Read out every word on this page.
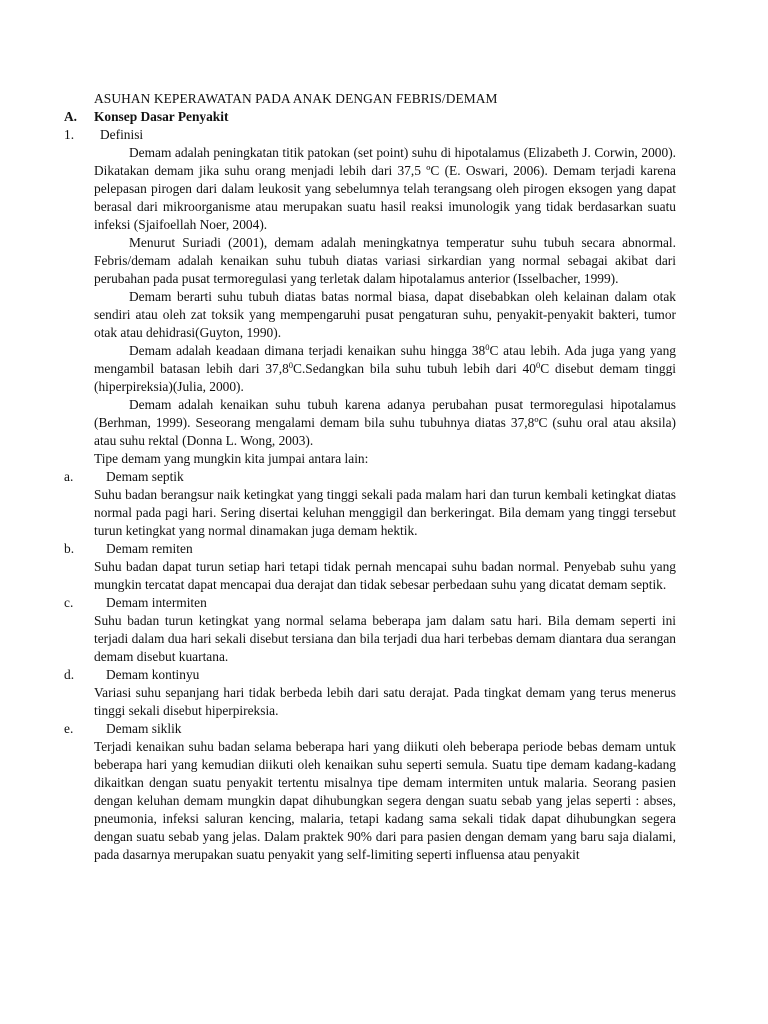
ASUHAN KEPERAWATAN PADA ANAK DENGAN FEBRIS/DEMAM
A.	Konsep Dasar Penyakit
1.	Definisi

Demam adalah peningkatan titik patokan (set point) suhu di hipotalamus (Elizabeth J. Corwin, 2000). Dikatakan demam jika suhu orang menjadi lebih dari 37,5 ºC (E. Oswari, 2006). Demam terjadi karena pelepasan pirogen dari dalam leukosit yang sebelumnya telah terangsang oleh pirogen eksogen yang dapat berasal dari mikroorganisme atau merupakan suatu hasil reaksi imunologik yang tidak berdasarkan suatu infeksi (Sjaifoellah Noer, 2004).

Menurut Suriadi (2001), demam adalah meningkatnya temperatur suhu tubuh secara abnormal. Febris/demam adalah kenaikan suhu tubuh diatas variasi sirkardian yang normal sebagai akibat dari perubahan pada pusat termoregulasi yang terletak dalam hipotalamus anterior (Isselbacher, 1999).

Demam berarti suhu tubuh diatas batas normal biasa, dapat disebabkan oleh kelainan dalam otak sendiri atau oleh zat toksik yang mempengaruhi pusat pengaturan suhu, penyakit-penyakit bakteri, tumor otak atau dehidrasi(Guyton, 1990).

Demam adalah keadaan dimana terjadi kenaikan suhu hingga $38^0C$ atau lebih. Ada juga yang yang mengambil batasan lebih dari 37,8$^0$C.Sedangkan bila suhu tubuh lebih dari $40^0C$ disebut demam tinggi (hiperpireksia)(Julia, 2000).

Demam adalah kenaikan suhu tubuh karena adanya perubahan pusat termoregulasi hipotalamus (Berhman, 1999). Seseorang mengalami demam bila suhu tubuhnya diatas 37,8ºC (suhu oral atau aksila) atau suhu rektal (Donna L. Wong, 2003).

Tipe demam yang mungkin kita jumpai antara lain:
a.	Demam septik

Suhu badan berangsur naik ketingkat yang tinggi sekali pada malam hari dan turun kembali ketingkat diatas normal pada pagi hari. Sering disertai keluhan menggigil dan berkeringat. Bila demam yang tinggi tersebut turun ketingkat yang normal dinamakan juga demam hektik.

b.	Demam remiten

Suhu badan dapat turun setiap hari tetapi tidak pernah mencapai suhu badan normal. Penyebab suhu yang mungkin tercatat dapat mencapai dua derajat dan tidak sebesar perbedaan suhu yang dicatat demam septik.

c.	Demam intermiten

Suhu badan turun ketingkat yang normal selama beberapa jam dalam satu hari. Bila demam seperti ini terjadi dalam dua hari sekali disebut tersiana dan bila terjadi dua hari terbebas demam diantara dua serangan demam disebut kuartana.

d.	Demam kontinyu

Variasi suhu sepanjang hari tidak berbeda lebih dari satu derajat. Pada tingkat demam yang terus menerus tinggi sekali disebut hiperpireksia.

e.	Demam siklik

Terjadi kenaikan suhu badan selama beberapa hari yang diikuti oleh beberapa periode bebas demam untuk beberapa hari yang kemudian diikuti oleh kenaikan suhu seperti semula. Suatu tipe demam kadang-kadang dikaitkan dengan suatu penyakit tertentu misalnya tipe demam intermiten untuk malaria. Seorang pasien dengan keluhan demam mungkin dapat dihubungkan segera dengan suatu sebab yang jelas seperti : abses, pneumonia, infeksi saluran kencing, malaria, tetapi kadang sama sekali tidak dapat dihubungkan segera dengan suatu sebab yang jelas. Dalam praktek 90% dari para pasien dengan demam yang baru saja dialami, pada dasarnya merupakan suatu penyakit yang self-limiting seperti influensa atau penyakit
